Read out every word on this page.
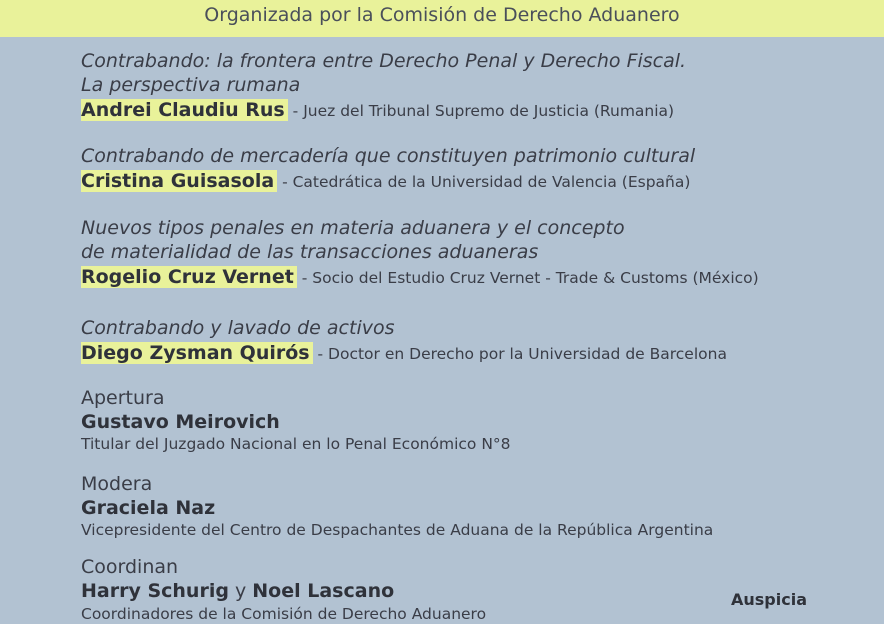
Organizada por la Comisión de Derecho Aduanero
Contrabando: la frontera entre Derecho Penal y Derecho Fiscal.
La perspectiva rumana
Andrei Claudiu Rus - Juez del Tribunal Supremo de Justicia (Rumania)
Contrabando de mercadería que constituyen patrimonio cultural
Cristina Guisasola - Catedrática de la Universidad de Valencia (España)
Nuevos tipos penales en materia aduanera y el concepto
de materialidad de las transacciones aduaneras
Rogelio Cruz Vernet - Socio del Estudio Cruz Vernet - Trade & Customs (México)
Contrabando y lavado de activos
Diego Zysman Quirós - Doctor en Derecho por la Universidad de Barcelona
Apertura
Gustavo Meirovich
Titular del Juzgado Nacional en lo Penal Económico N°8
Modera
Graciela Naz
Vicepresidente del Centro de Despachantes de Aduana de la República Argentina
Coordinan
Harry Schurig y Noel Lascano
Coordinadores de la Comisión de Derecho Aduanero
Auspicia
